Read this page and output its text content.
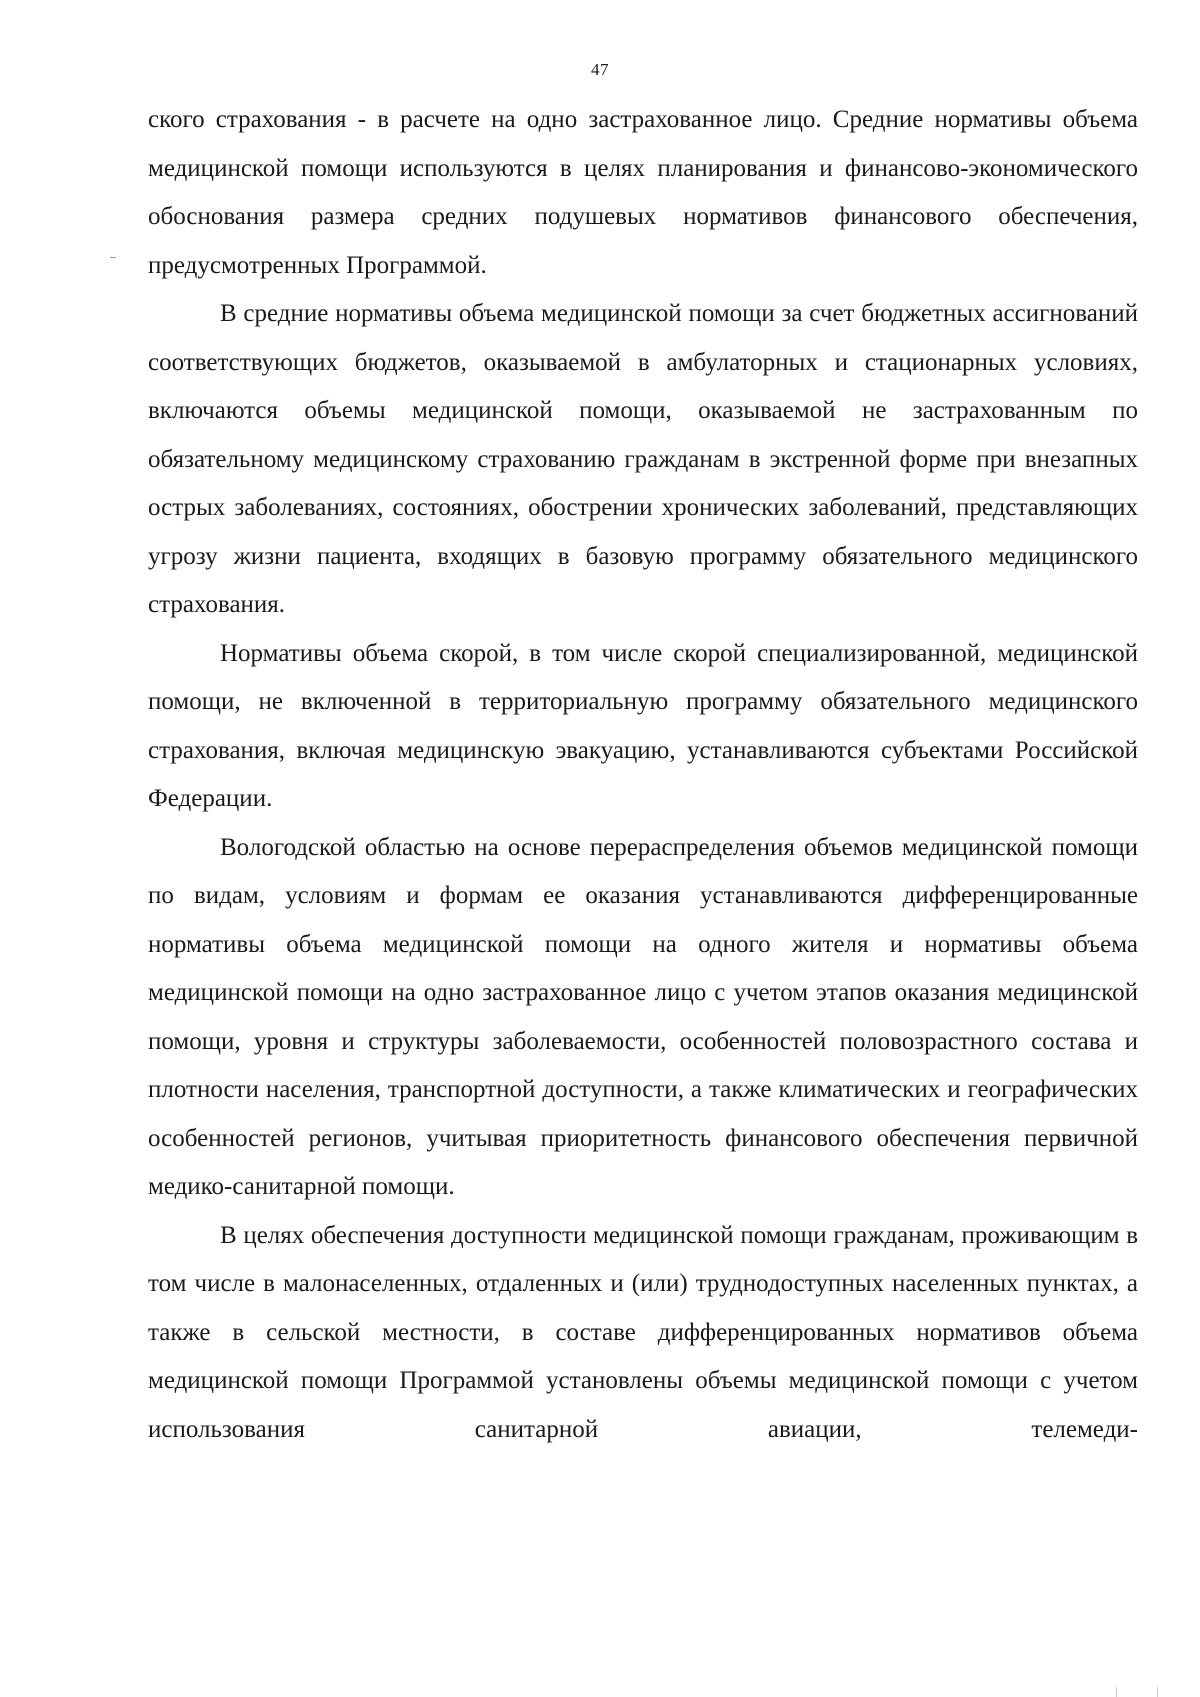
47

ского страхования - в расчете на одно застрахованное лицо. Средние нормативы объема медицинской помощи используются в целях планирования и финансово-экономического обоснования размера средних подушевых нормативов финансового обеспечения, предусмотренных Программой.

В средние нормативы объема медицинской помощи за счет бюджетных ассигнований соответствующих бюджетов, оказываемой в амбулаторных и стационарных условиях, включаются объемы медицинской помощи, оказываемой не застрахованным по обязательному медицинскому страхованию гражданам в экстренной форме при внезапных острых заболеваниях, состояниях, обострении хронических заболеваний, представляющих угрозу жизни пациента, входящих в базовую программу обязательного медицинского страхования.

Нормативы объема скорой, в том числе скорой специализированной, медицинской помощи, не включенной в территориальную программу обязательного медицинского страхования, включая медицинскую эвакуацию, устанавливаются субъектами Российской Федерации.

Вологодской областью на основе перераспределения объемов медицинской помощи по видам, условиям и формам ее оказания устанавливаются дифференцированные нормативы объема медицинской помощи на одного жителя и нормативы объема медицинской помощи на одно застрахованное лицо с учетом этапов оказания медицинской помощи, уровня и структуры заболеваемости, особенностей половозрастного состава и плотности населения, транспортной доступности, а также климатических и географических особенностей регионов, учитывая приоритетность финансового обеспечения первичной медико-санитарной помощи.

В целях обеспечения доступности медицинской помощи гражданам, проживающим в том числе в малонаселенных, отдаленных и (или) труднодоступных населенных пунктах, а также в сельской местности, в составе дифференцированных нормативов объема медицинской помощи Программой установлены объемы медицинской помощи с учетом использования санитарной авиации, телемеди-
